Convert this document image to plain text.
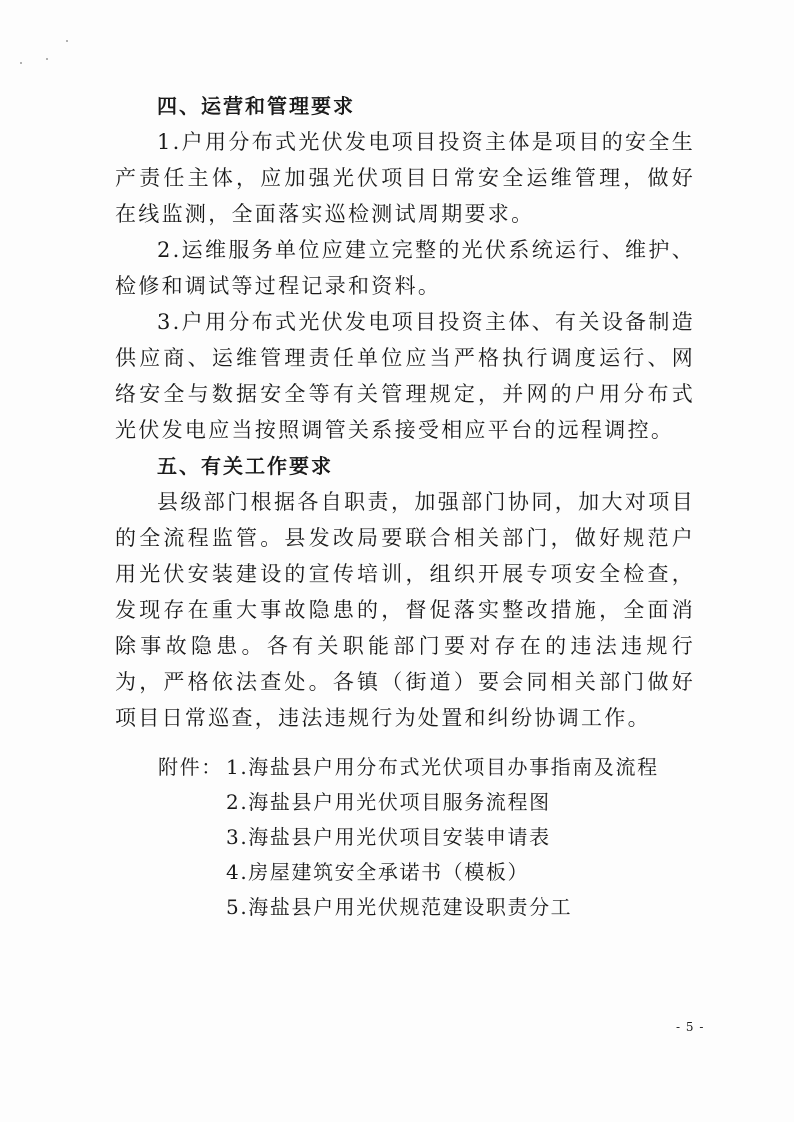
四、运营和管理要求

1.户用分布式光伏发电项目投资主体是项目的安全生产责任主体，应加强光伏项目日常安全运维管理，做好在线监测，全面落实巡检测试周期要求。

2.运维服务单位应建立完整的光伏系统运行、维护、检修和调试等过程记录和资料。

3.户用分布式光伏发电项目投资主体、有关设备制造供应商、运维管理责任单位应当严格执行调度运行、网络安全与数据安全等有关管理规定，并网的户用分布式光伏发电应当按照调管关系接受相应平台的远程调控。

五、有关工作要求

县级部门根据各自职责，加强部门协同，加大对项目的全流程监管。县发改局要联合相关部门，做好规范户用光伏安装建设的宣传培训，组织开展专项安全检查，发现存在重大事故隐患的，督促落实整改措施，全面消除事故隐患。各有关职能部门要对存在的违法违规行为，严格依法查处。各镇（街道）要会同相关部门做好项目日常巡查，违法违规行为处置和纠纷协调工作。

附件： 1.海盐县户用分布式光伏项目办事指南及流程
2.海盐县户用光伏项目服务流程图
3.海盐县户用光伏项目安装申请表
4.房屋建筑安全承诺书（模板）
5.海盐县户用光伏规范建设职责分工
- 5 -
